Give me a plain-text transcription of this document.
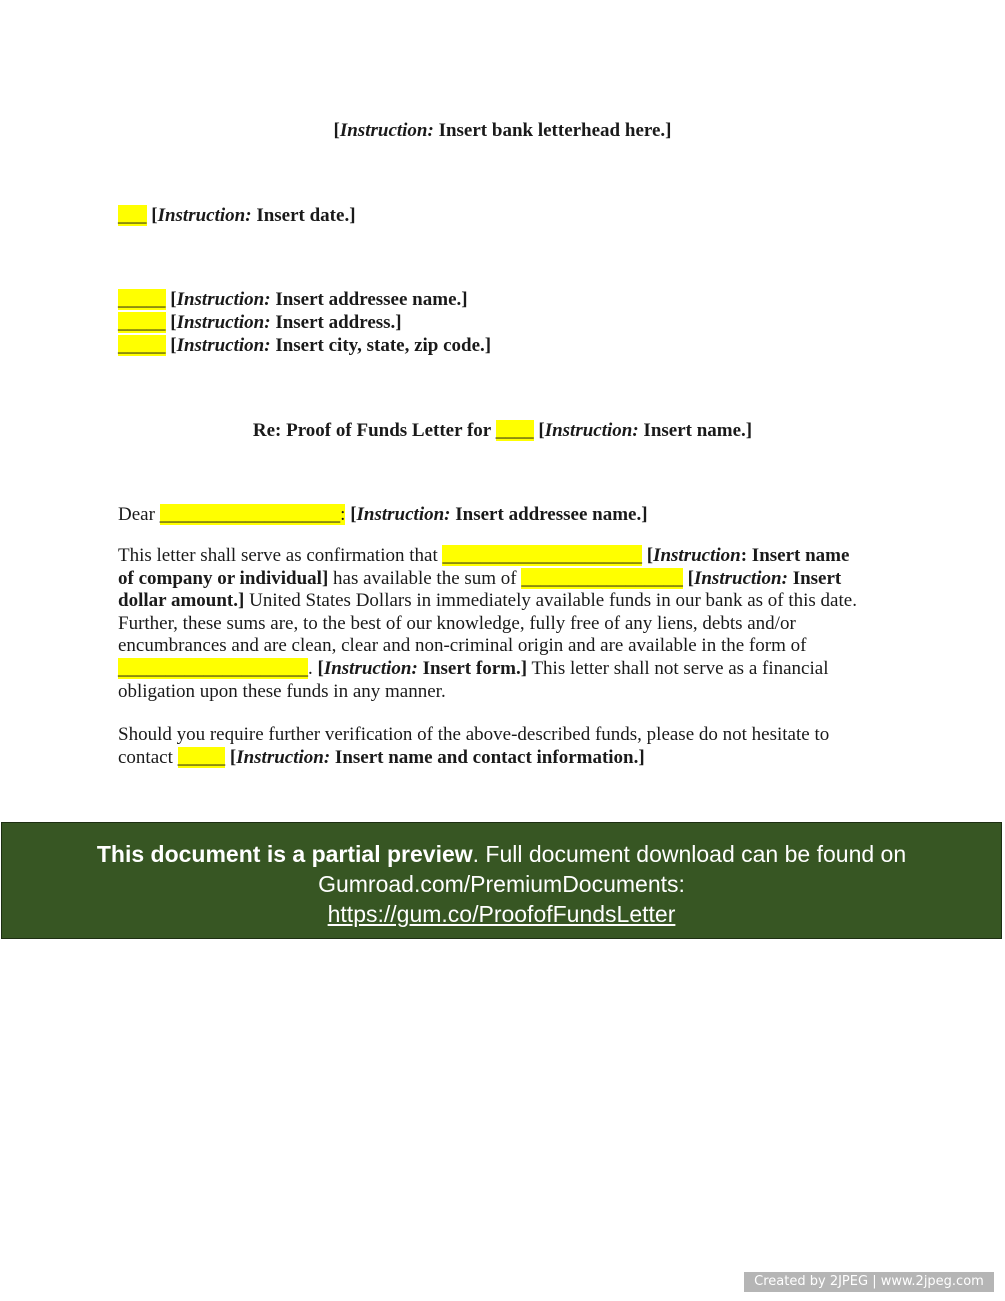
[Instruction: Insert bank letterhead here.]
___ [Instruction: Insert date.]
_____ [Instruction: Insert addressee name.]
_____ [Instruction: Insert address.]
_____ [Instruction: Insert city, state, zip code.]
Re: Proof of Funds Letter for ____ [Instruction: Insert name.]
Dear ___________________: [Instruction: Insert addressee name.]
This letter shall serve as confirmation that _____________________ [Instruction: Insert name
of company or individual] has available the sum of _________________ [Instruction: Insert
dollar amount.] United States Dollars in immediately available funds in our bank as of this date.
Further, these sums are, to the best of our knowledge, fully free of any liens, debts and/or
encumbrances and are clean, clear and non-criminal origin and are available in the form of
____________________. [Instruction: Insert form.] This letter shall not serve as a financial
obligation upon these funds in any manner.
Should you require further verification of the above-described funds, please do not hesitate to
contact _____ [Instruction: Insert name and contact information.]
This document is a partial preview. Full document download can be found on
Gumroad.com/PremiumDocuments:
https://gum.co/ProofofFundsLetter
Created by 2JPEG | www.2jpeg.com
